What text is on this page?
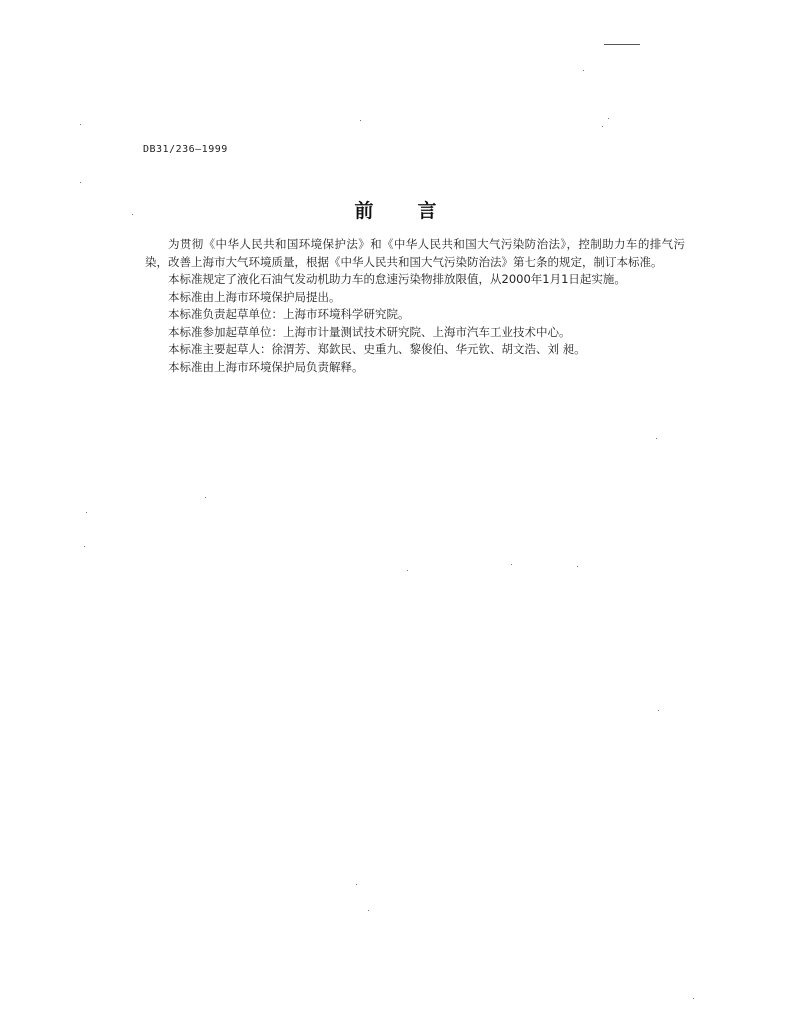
DB31/236—1999
前 言

为贯彻《中华人民共和国环境保护法》和《中华人民共和国大气污染防治法》，控制助力车的排气污染，改善上海市大气环境质量，根据《中华人民共和国大气污染防治法》第七条的规定，制订本标准。

本标准规定了液化石油气发动机助力车的怠速污染物排放限值，从2000年1月1日起实施。

本标准由上海市环境保护局提出。

本标准负责起草单位：上海市环境科学研究院。

本标准参加起草单位：上海市计量测试技术研究院、上海市汽车工业技术中心。

本标准主要起草人：徐渭芳、郑欽民、史重九、黎俊伯、华元钦、胡文浩、刘 昶。

本标准由上海市环境保护局负责解释。
